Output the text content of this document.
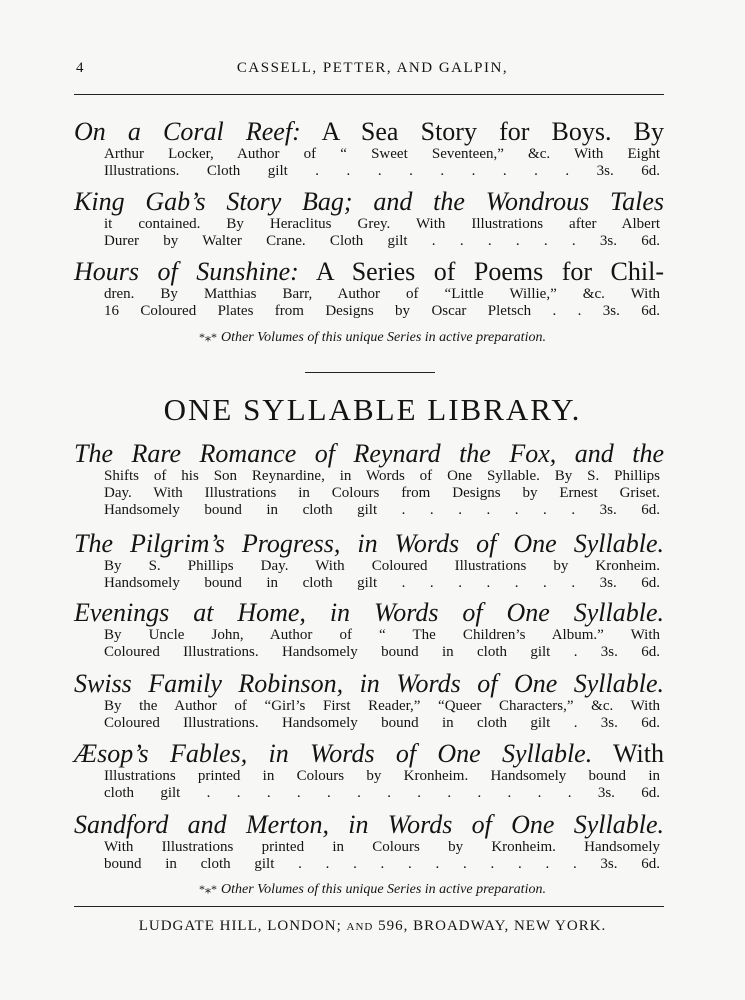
4	CASSELL, PETTER, AND GALPIN,
On a Coral Reef: A Sea Story for Boys. By
Arthur Locker, Author of “ Sweet Seventeen,” &c. With Eight
Illustrations. Cloth gilt . . . . . . . . . 3s. 6d.
King Gab’s Story Bag; and the Wondrous Tales
it contained. By Heraclitus Grey. With Illustrations after Albert
Durer by Walter Crane. Cloth gilt . . . . . . 3s. 6d.
Hours of Sunshine: A Series of Poems for Chil-
dren. By Matthias Barr, Author of “Little Willie,” &c. With
16 Coloured Plates from Designs by Oscar Pletsch . . 3s. 6d.
*⁎* Other Volumes of this unique Series in active preparation.
ONE SYLLABLE LIBRARY.
The Rare Romance of Reynard the Fox, and the
Shifts of his Son Reynardine, in Words of One Syllable. By S. Phillips
Day. With Illustrations in Colours from Designs by Ernest Griset.
Handsomely bound in cloth gilt . . . . . . . 3s. 6d.
The Pilgrim’s Progress, in Words of One Syllable.
By S. Phillips Day. With Coloured Illustrations by Kronheim.
Handsomely bound in cloth gilt . . . . . . . 3s. 6d.
Evenings at Home, in Words of One Syllable.
By Uncle John, Author of “ The Children’s Album.” With
Coloured Illustrations. Handsomely bound in cloth gilt . 3s. 6d.
Swiss Family Robinson, in Words of One Syllable.
By the Author of “Girl’s First Reader,” “Queer Characters,” &c. With
Coloured Illustrations. Handsomely bound in cloth gilt . 3s. 6d.
Æsop’s Fables, in Words of One Syllable. With
Illustrations printed in Colours by Kronheim. Handsomely bound in
cloth gilt . . . . . . . . . . . . . 3s. 6d.
Sandford and Merton, in Words of One Syllable.
With Illustrations printed in Colours by Kronheim. Handsomely
bound in cloth gilt . . . . . . . . . . . 3s. 6d.
*⁎* Other Volumes of this unique Series in active preparation.
LUDGATE HILL, LONDON; and 596, BROADWAY, NEW YORK.
